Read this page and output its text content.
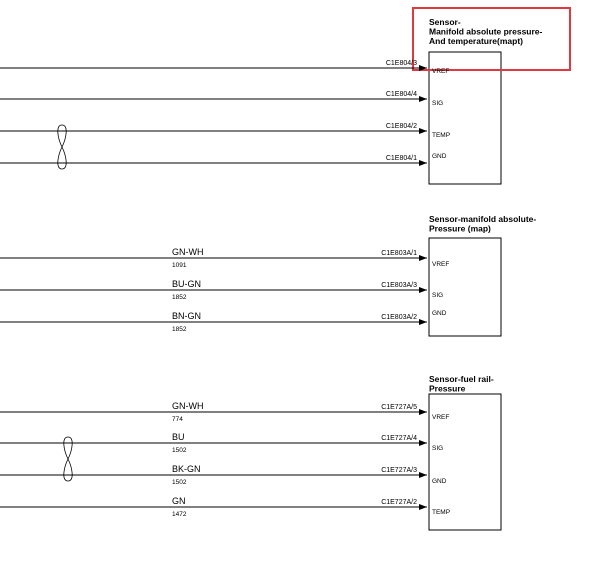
Sensor-
Manifold absolute pressure-
And temperature(mapt)
C1E804/3
VREF
C1E804/4
SIG
C1E804/2
TEMP
C1E804/1 GND
Sensor-manifold absolute-
Pressure (map)
C1E803A/1
VREF
GN-WH
1091
C1E803A/3
SIG
BU-GN
1852
C1E803A/2
GND
BN-GN
1852
Sensor-fuel rail-
Pressure
C1E727A/5
VREF
GN-WH
774
C1E727A/4
SIG
BU
1502
C1E727A/3
GND
BK-GN
1502
C1E727A/2
TEMP
GN
1472
